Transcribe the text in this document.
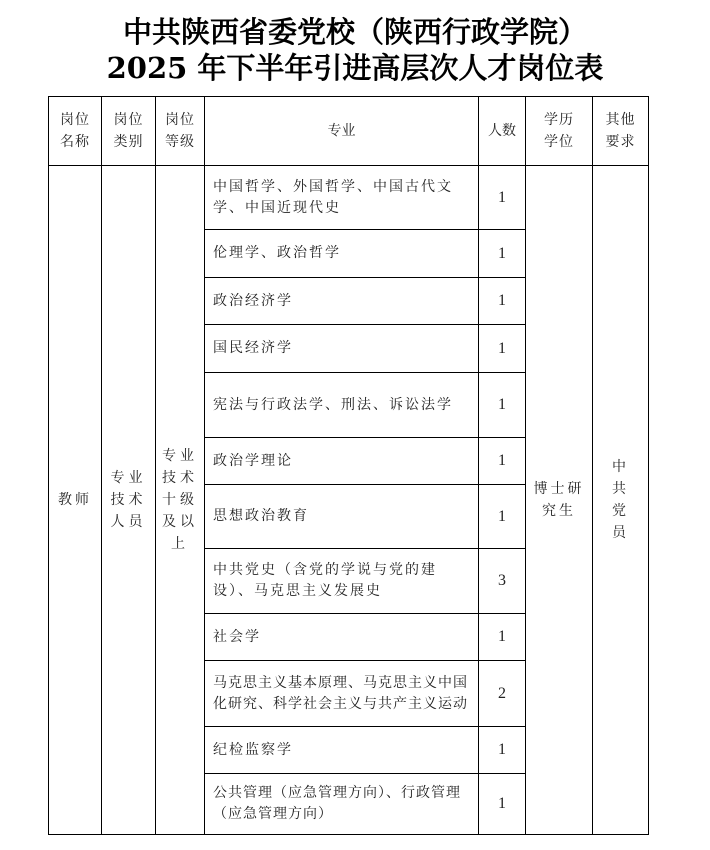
中共陕西省委党校（陕西行政学院）
2025 年下半年引进高层次人才岗位表
岗位名称	岗位类别	岗位等级	专业	人数	学历学位	其他要求
教师	专业技术人员	专业技术十级及以上	中国哲学、外国哲学、中国古代文学、中国近现代史	1	博士研究生	中共党员
			伦理学、政治哲学	1		
			政治经济学	1		
			国民经济学	1		
			宪法与行政法学、刑法、诉讼法学	1		
			政治学理论	1		
			思想政治教育	1		
			中共党史（含党的学说与党的建设）、马克思主义发展史	3		
			社会学	1		
			马克思主义基本原理、马克思主义中国化研究、科学社会主义与共产主义运动	2		
			纪检监察学	1		
			公共管理（应急管理方向）、行政管理（应急管理方向）	1		
